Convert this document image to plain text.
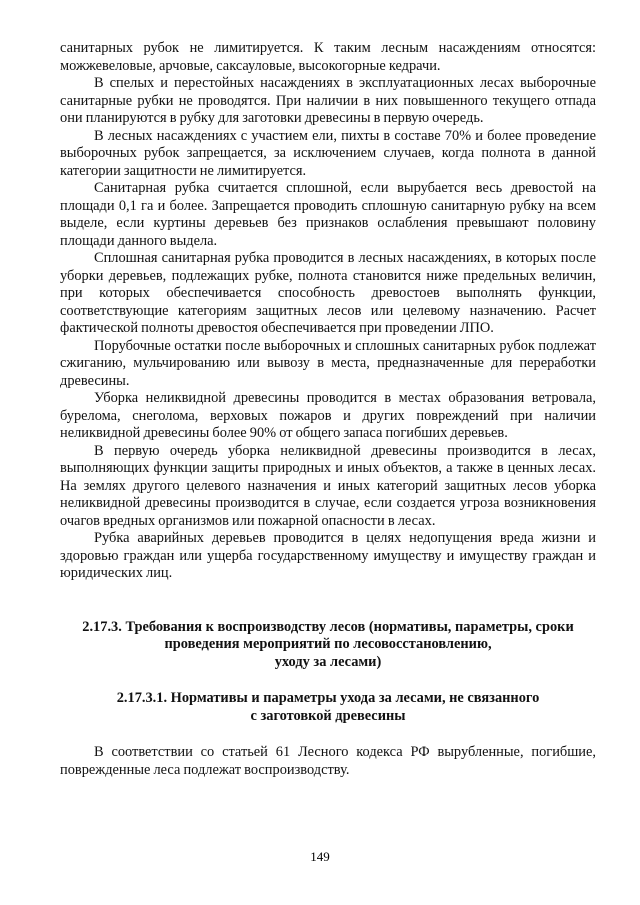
санитарных рубок не лимитируется. К таким лесным насаждениям относятся: можжевеловые, арчовые, саксауловые, высокогорные кедрачи.

В спелых и перестойных насаждениях в эксплуатационных лесах выборочные санитарные рубки не проводятся. При наличии в них повышенного текущего отпада они планируются в рубку для заготовки древесины в первую очередь.

В лесных насаждениях с участием ели, пихты в составе 70% и более проведение выборочных рубок запрещается, за исключением случаев, когда полнота в данной категории защитности не лимитируется.

Санитарная рубка считается сплошной, если вырубается весь древостой на площади 0,1 га и более. Запрещается проводить сплошную санитарную рубку на всем выделе, если куртины деревьев без признаков ослабления превышают половину площади данного выдела.

Сплошная санитарная рубка проводится в лесных насаждениях, в которых после уборки деревьев, подлежащих рубке, полнота становится ниже предельных величин, при которых обеспечивается способность древостоев выполнять функции, соответствующие категориям защитных лесов или целевому назначению. Расчет фактической полноты древостоя обеспечивается при проведении ЛПО.

Порубочные остатки после выборочных и сплошных санитарных рубок подлежат сжиганию, мульчированию или вывозу в места, предназначенные для переработки древесины.

Уборка неликвидной древесины проводится в местах образования ветровала, бурелома, снеголома, верховых пожаров и других повреждений при наличии неликвидной древесины более 90% от общего запаса погибших деревьев.

В первую очередь уборка неликвидной древесины производится в лесах, выполняющих функции защиты природных и иных объектов, а также в ценных лесах. На землях другого целевого назначения и иных категорий защитных лесов уборка неликвидной древесины производится в случае, если создается угроза возникновения очагов вредных организмов или пожарной опасности в лесах.

Рубка аварийных деревьев проводится в целях недопущения вреда жизни и здоровью граждан или ущерба государственному имуществу и имуществу граждан и юридических лиц.

2.17.3. Требования к воспроизводству лесов (нормативы, параметры, сроки
проведения мероприятий по лесовосстановлению,
уходу за лесами)
2.17.3.1. Нормативы и параметры ухода за лесами, не связанного
с заготовкой древесины

В соответствии со статьей 61 Лесного кодекса РФ вырубленные, погибшие, поврежденные леса подлежат воспроизводству.

149
